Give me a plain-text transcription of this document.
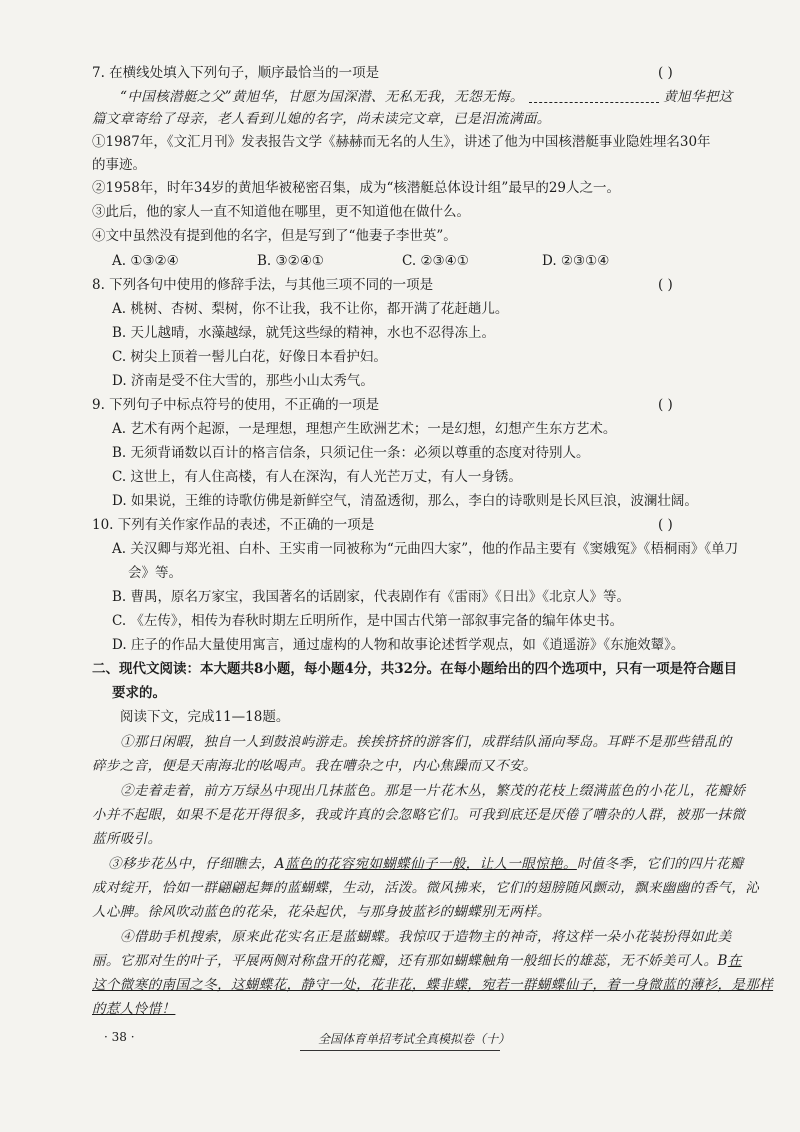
7. 在横线处填入下列句子，顺序最恰当的一项是	( )
“中国核潜艇之父”黄旭华，甘愿为国深潜、无私无我，无怨无悔。	黄旭华把这
篇文章寄给了母亲，老人看到儿媳的名字，尚未读完文章，已是泪流满面。
①1987年，《文汇月刊》发表报告文学《赫赫而无名的人生》，讲述了他为中国核潜艇事业隐姓埋名30年
的事迹。
②1958年，时年34岁的黄旭华被秘密召集，成为“核潜艇总体设计组”最早的29人之一。
③此后，他的家人一直不知道他在哪里，更不知道他在做什么。
④文中虽然没有提到他的名字，但是写到了“他妻子李世英”。
A. ①③②④	B. ③②④①	C. ②③④①	D. ②③①④
8. 下列各句中使用的修辞手法，与其他三项不同的一项是	( )
A. 桃树、杏树、梨树，你不让我，我不让你，都开满了花赶趟儿。
B. 天儿越晴，水藻越绿，就凭这些绿的精神，水也不忍得冻上。
C. 树尖上顶着一髻儿白花，好像日本看护妇。
D. 济南是受不住大雪的，那些小山太秀气。
9. 下列句子中标点符号的使用，不正确的一项是	( )
A. 艺术有两个起源，一是理想，理想产生欧洲艺术；一是幻想，幻想产生东方艺术。
B. 无须背诵数以百计的格言信条，只须记住一条：必须以尊重的态度对待别人。
C. 这世上，有人住高楼，有人在深沟，有人光芒万丈，有人一身锈。
D. 如果说，王维的诗歌仿佛是新鲜空气，清盈透彻，那么，李白的诗歌则是长风巨浪，波澜壮阔。
10. 下列有关作家作品的表述，不正确的一项是	( )
A. 关汉卿与郑光祖、白朴、王实甫一同被称为“元曲四大家”，他的作品主要有《窦娥冤》《梧桐雨》《单刀
会》等。
B. 曹禺，原名万家宝，我国著名的话剧家，代表剧作有《雷雨》《日出》《北京人》等。
C. 《左传》，相传为春秋时期左丘明所作，是中国古代第一部叙事完备的编年体史书。
D. 庄子的作品大量使用寓言，通过虚构的人物和故事论述哲学观点，如《逍遥游》《东施效颦》。
二、现代文阅读：本大题共8小题，每小题4分，共32分。在每小题给出的四个选项中，只有一项是符合题目
要求的。
阅读下文，完成11—18题。
①那日闲暇，独自一人到鼓浪屿游走。挨挨挤挤的游客们，成群结队涌向琴岛。耳畔不是那些错乱的
碎步之音，便是天南海北的吆喝声。我在嘈杂之中，内心焦躁而又不安。
②走着走着，前方万绿丛中现出几抹蓝色。那是一片花木丛，繁茂的花枝上缀满蓝色的小花儿，花瓣娇
小并不起眼，如果不是花开得很多，我或许真的会忽略它们。可我到底还是厌倦了嘈杂的人群，被那一抹微
蓝所吸引。
③移步花丛中，仔细瞧去，A蓝色的花容宛如蝴蝶仙子一般，让人一眼惊艳。时值冬季，它们的四片花瓣
成对绽开，恰如一群翩翩起舞的蓝蝴蝶，生动，活泼。微风拂来，它们的翅膀随风颤动，飘来幽幽的香气，沁
人心脾。徐风吹动蓝色的花朵，花朵起伏，与那身披蓝衫的蝴蝶别无两样。
④借助手机搜索，原来此花实名正是蓝蝴蝶。我惊叹于造物主的神奇，将这样一朵小花装扮得如此美
丽。它那对生的叶子，平展两侧对称盘开的花瓣，还有那如蝴蝶触角一般细长的雄蕊，无不娇美可人。B在
这个微寒的南国之冬，这蝴蝶花，静守一处，花非花，蝶非蝶，宛若一群蝴蝶仙子，着一身微蓝的薄衫，是那样
的惹人怜惜！
· 38 ·	全国体育单招考试全真模拟卷（十）
